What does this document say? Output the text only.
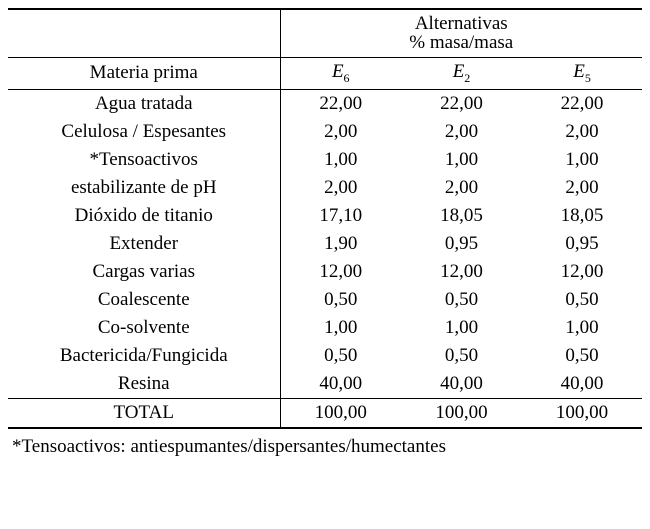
	Alternativas
% masa/masa		

Materia prima	$E_6$	$E_2$	$E_5$
Agua tratada	22,00	22,00	22,00
Celulosa / Espesantes	2,00	2,00	2,00
*Tensoactivos	1,00	1,00	1,00
estabilizante de pH	2,00	2,00	2,00
Dióxido de titanio	17,10	18,05	18,05
Extender	1,90	0,95	0,95
Cargas varias	12,00	12,00	12,00
Coalescente	0,50	0,50	0,50
Co-solvente	1,00	1,00	1,00
Bactericida/Fungicida	0,50	0,50	0,50
Resina	40,00	40,00	40,00
TOTAL	100,00	100,00	100,00
*Tensoactivos: antiespumantes/dispersantes/humectantes
